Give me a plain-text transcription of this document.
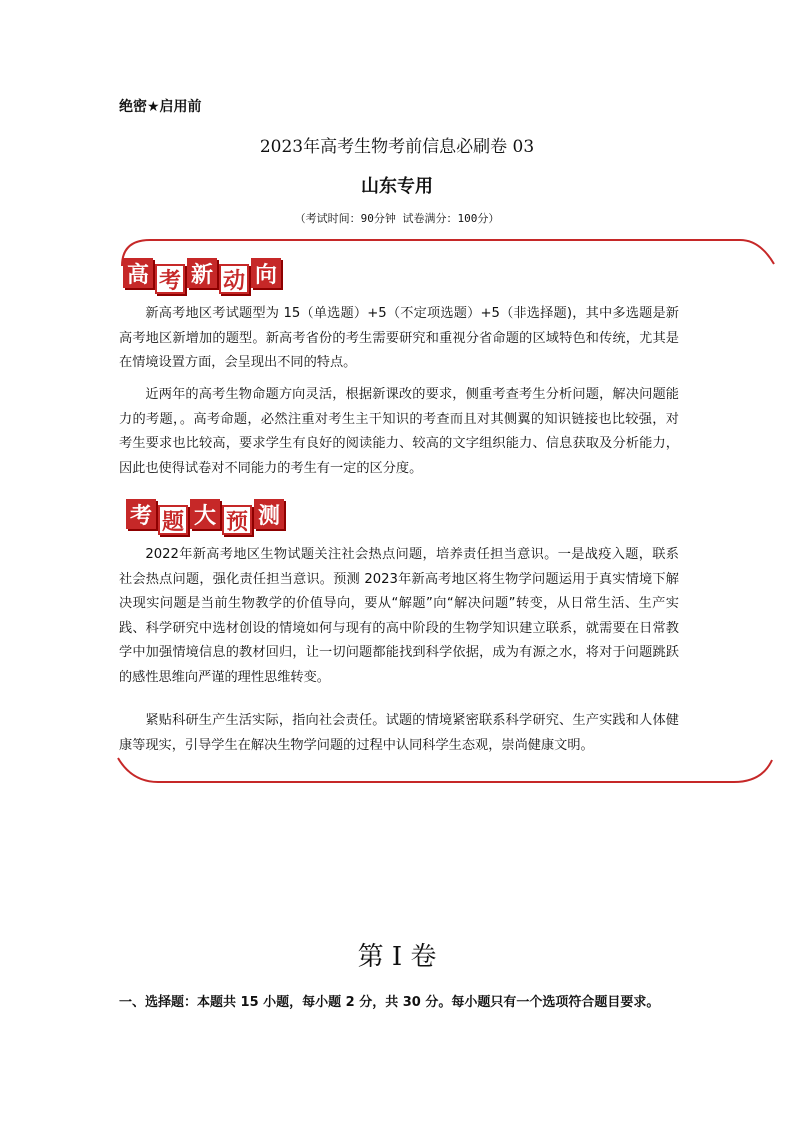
绝密★启用前
2023年高考生物考前信息必刷卷 03
山东专用
（考试时间：90分钟 试卷满分：100分）
高 考 新 动 向
新高考地区考试题型为 15（单选题）+5（不定项选题）+5（非选择题)，其中多选题是新高考地区新增加的题型。新高考省份的考生需要研究和重视分省命题的区域特色和传统，尤其是在情境设置方面，会呈现出不同的特点。
近两年的高考生物命题方向灵活，根据新课改的要求，侧重考查考生分析问题，解决问题能力的考题，。高考命题，必然注重对考生主干知识的考查而且对其侧翼的知识链接也比较强，对考生要求也比较高，要求学生有良好的阅读能力、较高的文字组织能力、信息获取及分析能力，因此也使得试卷对不同能力的考生有一定的区分度。
考 题 大 预 测
2022年新高考地区生物试题关注社会热点问题，培养责任担当意识。一是战疫入题，联系社会热点问题，强化责任担当意识。预测 2023年新高考地区将生物学问题运用于真实情境下解决现实问题是当前生物教学的价值导向，要从“解题”向“解决问题”转变，从日常生活、生产实践、科学研究中选材创设的情境如何与现有的高中阶段的生物学知识建立联系，就需要在日常教学中加强情境信息的教材回归，让一切问题都能找到科学依据，成为有源之水，将对于问题跳跃的感性思维向严谨的理性思维转变。
紧贴科研生产生活实际，指向社会责任。试题的情境紧密联系科学研究、生产实践和人体健康等现实，引导学生在解决生物学问题的过程中认同科学生态观，崇尚健康文明。
第 I 卷
一、选择题：本题共 15 小题，每小题 2 分，共 30 分。每小题只有一个选项符合题目要求。
